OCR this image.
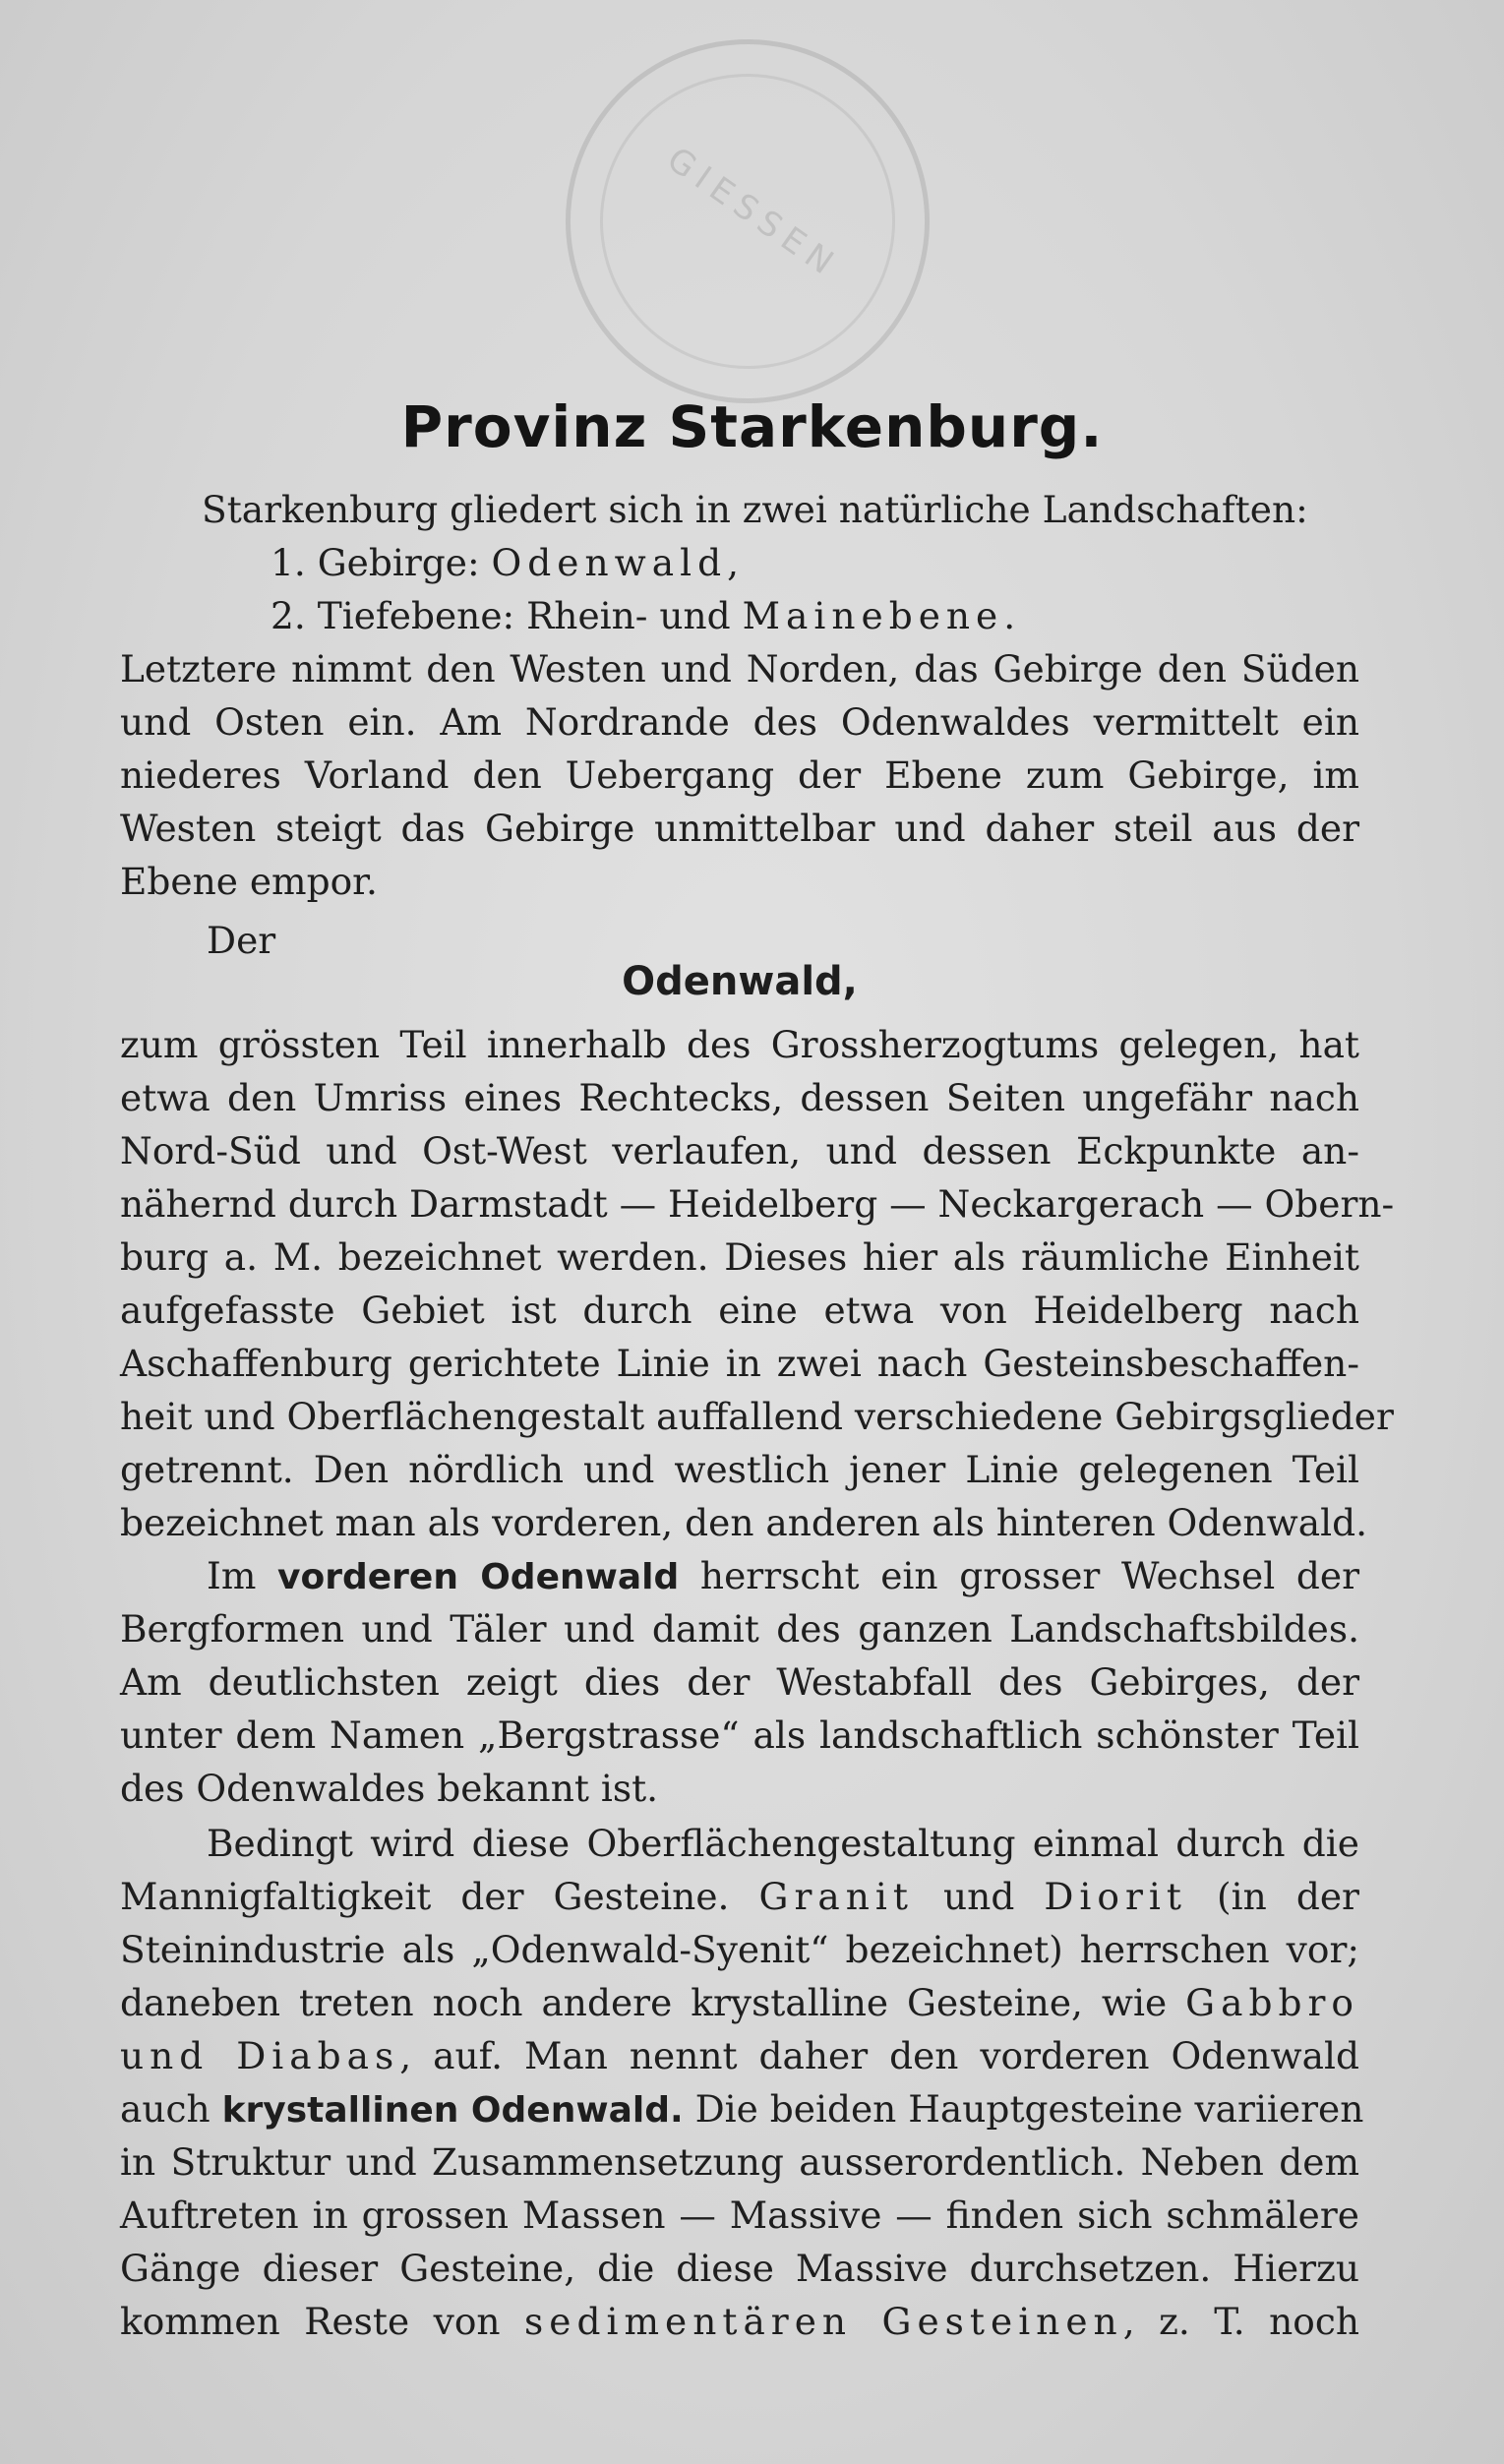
GIESSEN
Provinz Starkenburg.
Starkenburg gliedert sich in zwei natürliche Landschaften:
1. Gebirge: Odenwald,
2. Tiefebene: Rhein- und Mainebene.
Letztere nimmt den Westen und Norden, das Gebirge den Süden
und Osten ein. Am Nordrande des Odenwaldes vermittelt ein
niederes Vorland den Uebergang der Ebene zum Gebirge, im
Westen steigt das Gebirge unmittelbar und daher steil aus der
Ebene empor.
Der
Odenwald,
zum grössten Teil innerhalb des Grossherzogtums gelegen, hat
etwa den Umriss eines Rechtecks, dessen Seiten ungefähr nach
Nord-Süd und Ost-West verlaufen, und dessen Eckpunkte an-
nähernd durch Darmstadt — Heidelberg — Neckargerach — Obern-
burg a. M. bezeichnet werden. Dieses hier als räumliche Einheit
aufgefasste Gebiet ist durch eine etwa von Heidelberg nach
Aschaffenburg gerichtete Linie in zwei nach Gesteinsbeschaffen-
heit und Oberflächengestalt auffallend verschiedene Gebirgsglieder
getrennt. Den nördlich und westlich jener Linie gelegenen Teil
bezeichnet man als vorderen, den anderen als hinteren Odenwald.
Im vorderen Odenwald herrscht ein grosser Wechsel der
Bergformen und Täler und damit des ganzen Landschaftsbildes.
Am deutlichsten zeigt dies der Westabfall des Gebirges, der
unter dem Namen „Bergstrasse“ als landschaftlich schönster Teil
des Odenwaldes bekannt ist.
Bedingt wird diese Oberflächengestaltung einmal durch die
Mannigfaltigkeit der Gesteine. Granit und Diorit (in der
Steinindustrie als „Odenwald-Syenit“ bezeichnet) herrschen vor;
daneben treten noch andere krystalline Gesteine, wie Gabbro
und Diabas, auf. Man nennt daher den vorderen Odenwald
auch krystallinen Odenwald. Die beiden Hauptgesteine variieren
in Struktur und Zusammensetzung ausserordentlich. Neben dem
Auftreten in grossen Massen — Massive — finden sich schmälere
Gänge dieser Gesteine, die diese Massive durchsetzen. Hierzu
kommen Reste von sedimentären Gesteinen, z. T. noch
